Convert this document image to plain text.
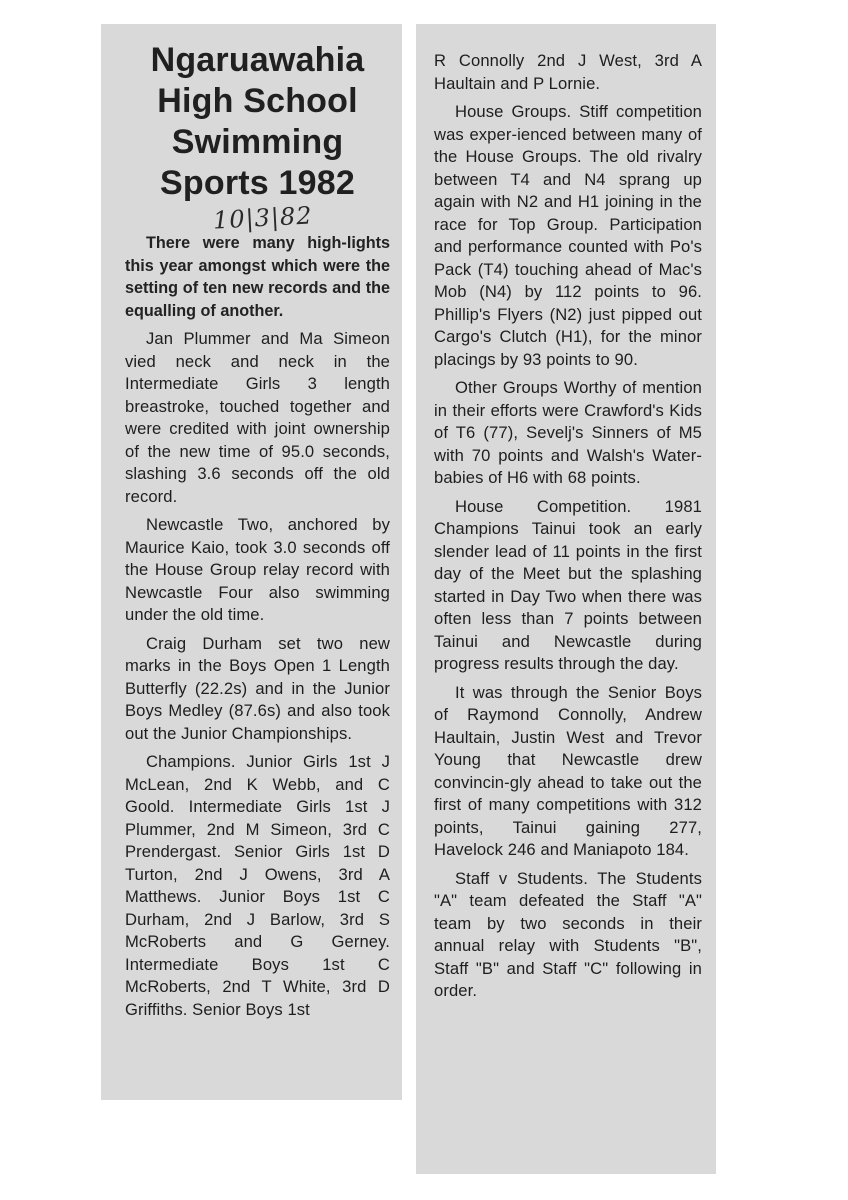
Ngaruawahia High School Swimming Sports 1982
10|3|82

There were many high-lights this year amongst which were the setting of ten new records and the equalling of another.

Jan Plummer and Ma Simeon vied neck and neck in the Intermediate Girls 3 length breastroke, touched together and were credited with joint ownership of the new time of 95.0 seconds, slashing 3.6 seconds off the old record.

Newcastle Two, anchored by Maurice Kaio, took 3.0 seconds off the House Group relay record with Newcastle Four also swimming under the old time.

Craig Durham set two new marks in the Boys Open 1 Length Butterfly (22.2s) and in the Junior Boys Medley (87.6s) and also took out the Junior Championships.

Champions. Junior Girls 1st J McLean, 2nd K Webb, and C Goold. Intermediate Girls 1st J Plummer, 2nd M Simeon, 3rd C Prendergast. Senior Girls 1st D Turton, 2nd J Owens, 3rd A Matthews. Junior Boys 1st C Durham, 2nd J Barlow, 3rd S McRoberts and G Gerney. Intermediate Boys 1st C McRoberts, 2nd T White, 3rd D Griffiths. Senior Boys 1st

R Connolly 2nd J West, 3rd A Haultain and P Lornie.

House Groups. Stiff competition was exper-ienced between many of the House Groups. The old rivalry between T4 and N4 sprang up again with N2 and H1 joining in the race for Top Group. Participation and performance counted with Po's Pack (T4) touching ahead of Mac's Mob (N4) by 112 points to 96. Phillip's Flyers (N2) just pipped out Cargo's Clutch (H1), for the minor placings by 93 points to 90.

Other Groups Worthy of mention in their efforts were Crawford's Kids of T6 (77), Sevelj's Sinners of M5 with 70 points and Walsh's Water-babies of H6 with 68 points.

House Competition. 1981 Champions Tainui took an early slender lead of 11 points in the first day of the Meet but the splashing started in Day Two when there was often less than 7 points between Tainui and Newcastle during progress results through the day.

It was through the Senior Boys of Raymond Connolly, Andrew Haultain, Justin West and Trevor Young that Newcastle drew convincin-gly ahead to take out the first of many competitions with 312 points, Tainui gaining 277, Havelock 246 and Maniapoto 184.

Staff v Students. The Students "A" team defeated the Staff "A" team by two seconds in their annual relay with Students "B", Staff "B" and Staff "C" following in order.
